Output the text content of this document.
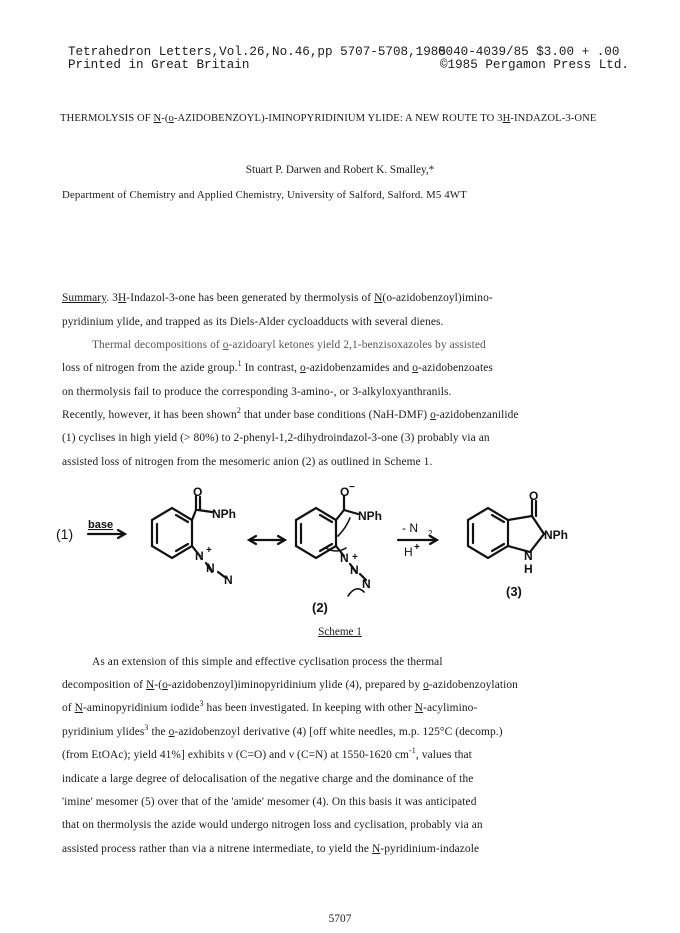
Tetrahedron Letters,Vol.26,No.46,pp 5707-5708,1985
0040-4039/85 $3.00 + .00
Printed in Great Britain	©1985 Pergamon Press Ltd.
THERMOLYSIS OF N-(o-AZIDOBENZOYL)-IMINOPYRIDINIUM YLIDE: A NEW ROUTE TO 3H-INDAZOL-3-ONE
Stuart P. Darwen and Robert K. Smalley,*
Department of Chemistry and Applied Chemistry, University of Salford, Salford. M5 4WT
Summary. 3H-Indazol-3-one has been generated by thermolysis of N(o-azidobenzoyl)imino-
pyridinium ylide, and trapped as its Diels-Alder cycloadducts with several dienes.
Thermal decompositions of o-azidoaryl ketones yield 2,1-benzisoxazoles by assisted
loss of nitrogen from the azide group.$^1$ In contrast, o-azidobenzamides and o-azidobenzoates
on thermolysis fail to produce the corresponding 3-amino-, or 3-alkyloxyanthranils.
Recently, however, it has been shown$^2$ that under base conditions (NaH-DMF) o-azidobenzanilide
(1) cyclises in high yield (> 80%) to 2-phenyl-1,2-dihydroindazol-3-one (3) probably via an
assisted loss of nitrogen from the mesomeric anion (2) as outlined in Scheme 1.
(1)
base
O
NPh
N +
N
N
O −
NPh
N +
N
N
- N 2
H +
O
NPh
N
H
(2)
(3)
Scheme 1
As an extension of this simple and effective cyclisation process the thermal
decomposition of N-(o-azidobenzoyl)iminopyridinium ylide (4), prepared by o-azidobenzoylation
of N-aminopyridinium iodide$^3$ has been investigated. In keeping with other N-acylimino-
pyridinium ylides$^3$ the o-azidobenzoyl derivative (4) [off white needles, m.p. 125°C (decomp.)
(from EtOAc); yield 41%] exhibits ν (C=O) and ν (C=N) at 1550-1620 $cm^{-1}$, values that
indicate a large degree of delocalisation of the negative charge and the dominance of the
'imine' mesomer (5) over that of the 'amide' mesomer (4). On this basis it was anticipated
that on thermolysis the azide would undergo nitrogen loss and cyclisation, probably via an
assisted process rather than via a nitrene intermediate, to yield the N-pyridinium-indazole
5707
